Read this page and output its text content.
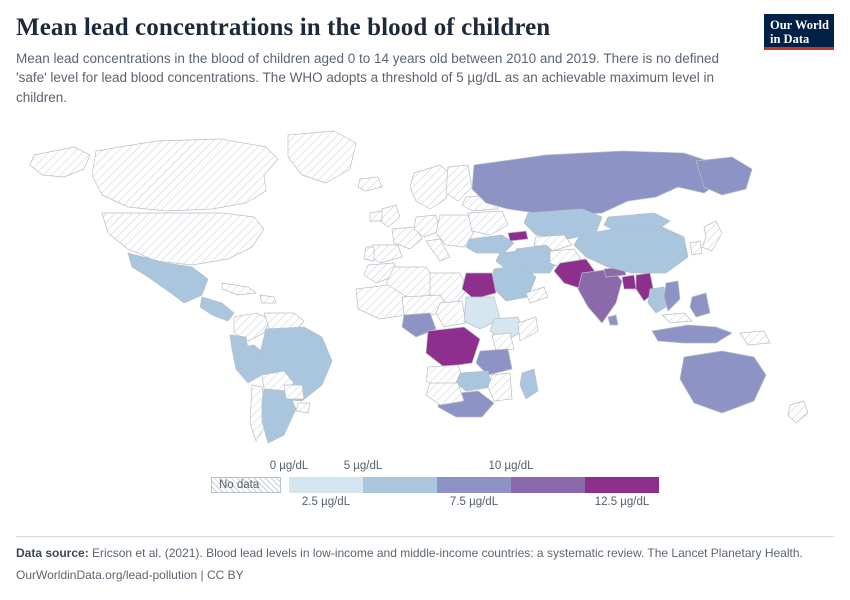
Mean lead concentrations in the blood of children

Mean lead concentrations in the blood of children aged 0 to 14 years old between 2010 and 2019. There is no defined 'safe' level for lead blood concentrations. The WHO adopts a threshold of 5 µg/dL as an achievable maximum level in children.

Our World
in Data
No data
0 µg/dL
2.5 µg/dL
5 µg/dL
7.5 µg/dL
10 µg/dL
12.5 µg/dL

Data source: Ericson et al. (2021). Blood lead levels in low-income and middle-income countries: a systematic review. The Lancet Planetary Health.

OurWorldinData.org/lead-pollution | CC BY
